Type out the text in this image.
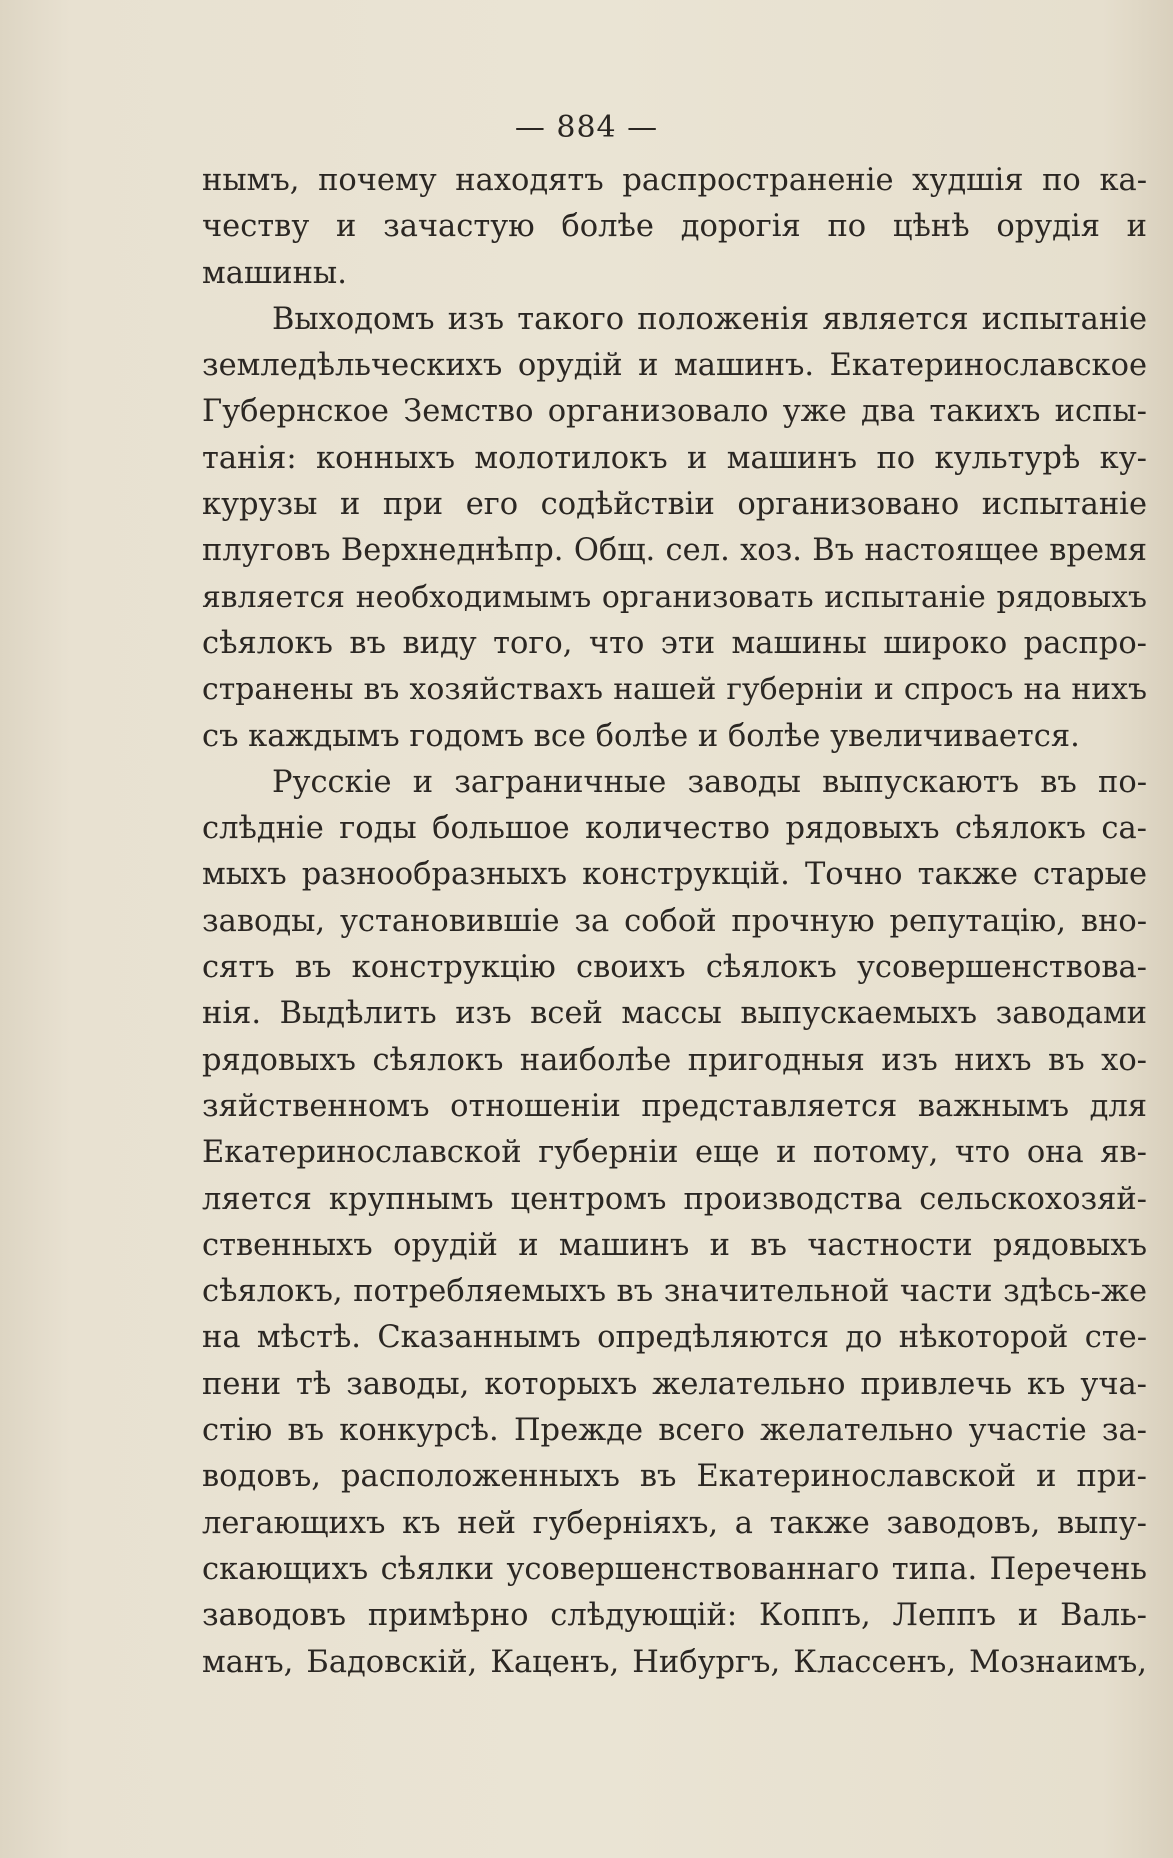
— 884 —
нымъ, почему находятъ распространеніе худшія по ка-
честву и зачастую болѣе дорогія по цѣнѣ орудія и
машины.
Выходомъ изъ такого положенія является испытаніе
земледѣльческихъ орудій и машинъ. Екатеринославское
Губернское Земство организовало уже два такихъ испы-
танія: конныхъ молотилокъ и машинъ по культурѣ ку-
курузы и при его содѣйствіи организовано испытаніе
плуговъ Верхнеднѣпр. Общ. сел. хоз. Въ настоящее время
является необходимымъ организовать испытаніе рядовыхъ
сѣялокъ въ виду того, что эти машины широко распро-
странены въ хозяйствахъ нашей губерніи и спросъ на нихъ
съ каждымъ годомъ все болѣе и болѣе увеличивается.
Русскіе и заграничные заводы выпускаютъ въ по-
слѣдніе годы большое количество рядовыхъ сѣялокъ са-
мыхъ разнообразныхъ конструкцій. Точно также старые
заводы, установившіе за собой прочную репутацію, вно-
сятъ въ конструкцію своихъ сѣялокъ усовершенствова-
нія. Выдѣлить изъ всей массы выпускаемыхъ заводами
рядовыхъ сѣялокъ наиболѣе пригодныя изъ нихъ въ хо-
зяйственномъ отношеніи представляется важнымъ для
Екатеринославской губерніи еще и потому, что она яв-
ляется крупнымъ центромъ производства сельскохозяй-
ственныхъ орудій и машинъ и въ частности рядовыхъ
сѣялокъ, потребляемыхъ въ значительной части здѣсь-же
на мѣстѣ. Сказаннымъ опредѣляются до нѣкоторой сте-
пени тѣ заводы, которыхъ желательно привлечь къ уча-
стію въ конкурсѣ. Прежде всего желательно участіе за-
водовъ, расположенныхъ въ Екатеринославской и при-
легающихъ къ ней губерніяхъ, а также заводовъ, выпу-
скающихъ сѣялки усовершенствованнаго типа. Перечень
заводовъ примѣрно слѣдующій: Коппъ, Леппъ и Валь-
манъ, Бадовскій, Каценъ, Нибургъ, Классенъ, Мознаимъ,
